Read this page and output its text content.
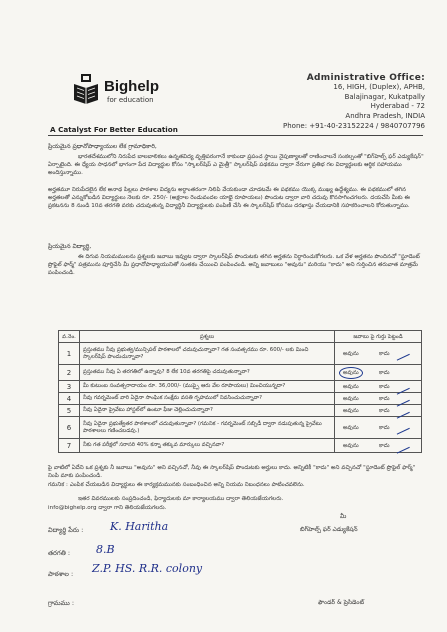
Bighelp
for education
A Catalyst For Better Education
Administrative Office:
16, HIGH, (Duplex), APHB,
Balajinagar, Kukatpally
Hyderabad - 72
Andhra Pradesh, INDIA
Phone: +91-40-23152224 / 9840707796
ప్రియమైన ప్రధానోపాధ్యాయుల లేక గ్రామాధికారి,
భారతదేశములోని నిరుపేద బాలబాలికలు ఉన్నతవిద్య వృత్తిపరంగానే కాకుండా ప్రపంచ స్థాయి నైపుణ్యాలతో రాణించాలనే సంకల్పంతో "బిగ్‌హెల్ప్ ఫర్ ఎడ్యుకేషన్" ఏర్పాటైంది. ఈ ధ్యేయ సాధనలో భాగంగా పేద విద్యార్థుల కోసం "స్కాలర్‌షిప్ ఎ మైత్రీ" స్కాలర్‌షిప్ పథకము ద్వారా నేరుగా ప్రతిభ గల విద్యార్థులకు ఆర్థిక సహాయము అందిస్తున్నాము.
అర్హతమూ నిరుపేదలైన లేక అనాథ పిల్లలు పాఠశాల విద్యను అర్ధాంతరంగా నిలిపి వేయకుండా చూడటమే ఈ పథకము యొక్క ముఖ్య ఉద్దేశ్యము. ఈ పథకములో తగిన అర్హతలతో ఎన్నుకోబడిన విద్యార్థులు నెలకు రూ. 250/- (అక్షరాల రెండువందల యాభై రూపాయలు) పొందుట ద్వారా వారి చదువు కొనసాగించగలరు. దయచేసి మీకు ఈ ప్రకటనను 8 నుండి 10వ తరగతి వరకు చదువుతున్న విద్యార్థినీ విద్యార్థులకు పంపిణీ చేసి ఈ స్కాలర్‌షిప్ కోసము దరఖాస్తు చేయడానికి సహకరించాలని కోరుతున్నాము.
ప్రియమైన విద్యార్థి,
ఈ దిగువ నియమములను ప్రశ్నలకు జవాబు ఇవ్వుట ద్వారా స్కాలర్‌షిప్ పొందుటకు తగిన అర్హతను నిర్ధారించుకోగలరు. ఒక వేళ అర్హతను పొందినచో "స్టూడెంట్ ప్రొఫైల్ ఫార్మ్" పత్రమును పూర్తిచేసి మీ ప్రధానోపాధ్యాయునితో సంతకం చేయించి పంపించండి. అన్ని జవాబులు "అవును" మరియు "కాదు" అని గుర్తించిన తరువాత మాత్రమే పంపించండి.
వ.నెం.	ప్రశ్నలు	జవాబు పై గుర్తు పెట్టండి
1	ప్రస్తుతము నీవు ప్రభుత్వ/మున్సిపల్ పాఠశాలలో చదువుచున్నావా? గత సంవత్సరము రూ. 600/- లకు మించి స్కాలర్‌షిప్ పొందుచున్నావా?	అవును కాదు

2	ప్రస్తుతము నీవు ఏ తరగతిలో ఉన్నావు? 8 లేక 10వ తరగతిపై చదువుతున్నావా?	అవును కాదు

3	మీ కుటుంబ సంవత్సరాదాయం రూ. 36,000/- (ముప్పై ఆరు వేల రూపాయలు) మించియున్నదా?	అవును కాదు

4	నీవు గవర్నమెంట్ వారి ఏదైనా సాంఘిక సంక్షేమ వసతి గృహములో నివసించుచున్నావా?	అవును కాదు

5	నీవు ఏదైనా ప్రైవేటు హాస్టల్‌లో ఉంటూ ఫీజు చెల్లించుచున్నావా?	అవును కాదు

6	నీవు ఏదైనా ప్రభుత్వేతర పాఠశాలలో చదువుతున్నావా? (గమనిక - గవర్నమెంట్ సబ్సిడీ ద్వారా నడుపుతున్న ప్రైవేటు పాఠశాలలు గణించబడవు.)	అవును కాదు

7	నీకు గత పరీక్షలో సరాసరి 40% కన్నా తక్కువ మార్కులు వచ్చినవా?	అవును కాదు
పై వాటిలో ఏదేని ఒక ప్రశ్నకు నీ జవాబు "అవును" అని వచ్చినచో, నీవు ఈ స్కాలర్‌షిప్ పొందుటకు అర్హులు కాదు. అన్నిటికీ "కాదు" అని వచ్చినచో "స్టూడెంట్ ప్రొఫైల్ ఫార్మ్" నింపి మాకు పంపించండి.
గమనిక : ఎంపిక చేయబడిన విద్యార్థులు ఈ కార్యక్రమమునకు సంబంధించిన అన్ని నియమ నిబంధనలు పాటించవలెను.
ఇతర వివరములకు సంప్రదించండి, ఫిర్యాదులకు మా కార్యాలయము ద్వారా తెలియజేయగలరు.
info@bighelp.org ద్వారా గాని తెలియజేయగలరు.
విద్యార్థి పేరు : K. Haritha
తరగతి : 8.B
పాఠశాల : Z.P. HS. R.R. colony
గ్రామము :
మీ
బిగ్‌హెల్ప్ ఫర్ ఎడ్యుకేషన్
ఫౌండర్ & ప్రెసిడెంట్
